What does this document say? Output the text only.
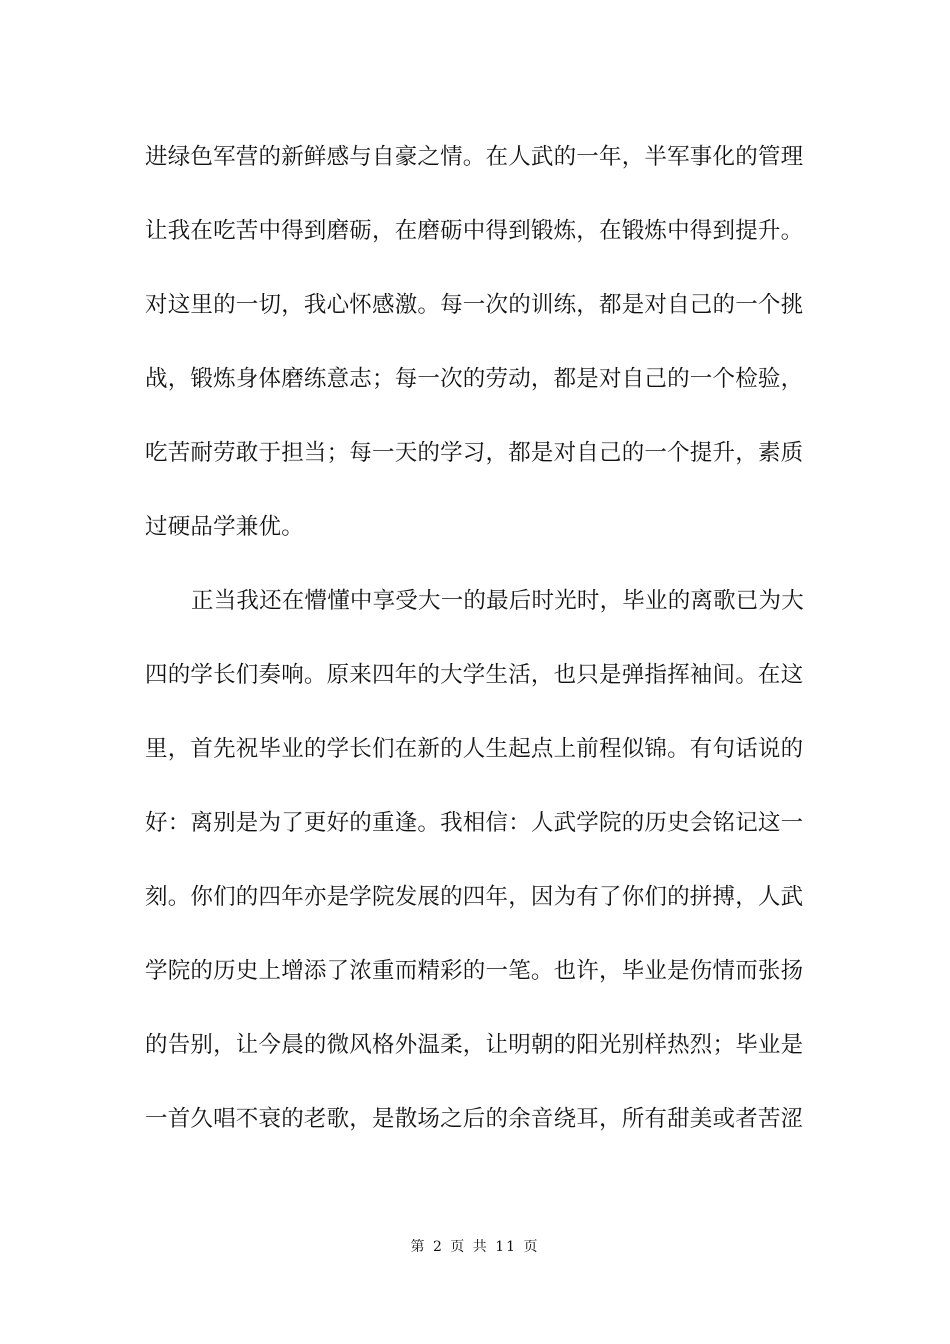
进绿色军营的新鲜感与自豪之情。在人武的一年，半军事化的管理
让我在吃苦中得到磨砺，在磨砺中得到锻炼，在锻炼中得到提升。
对这里的一切，我心怀感激。每一次的训练，都是对自己的一个挑
战，锻炼身体磨练意志；每一次的劳动，都是对自己的一个检验，
吃苦耐劳敢于担当；每一天的学习，都是对自己的一个提升，素质
过硬品学兼优。
正当我还在懵懂中享受大一的最后时光时，毕业的离歌已为大
四的学长们奏响。原来四年的大学生活，也只是弹指挥袖间。在这
里，首先祝毕业的学长们在新的人生起点上前程似锦。有句话说的
好：离别是为了更好的重逢。我相信：人武学院的历史会铭记这一
刻。你们的四年亦是学院发展的四年，因为有了你们的拼搏，人武
学院的历史上增添了浓重而精彩的一笔。也许，毕业是伤情而张扬
的告别，让今晨的微风格外温柔，让明朝的阳光别样热烈；毕业是
一首久唱不衰的老歌，是散场之后的余音绕耳，所有甜美或者苦涩
第 2 页 共 11 页
